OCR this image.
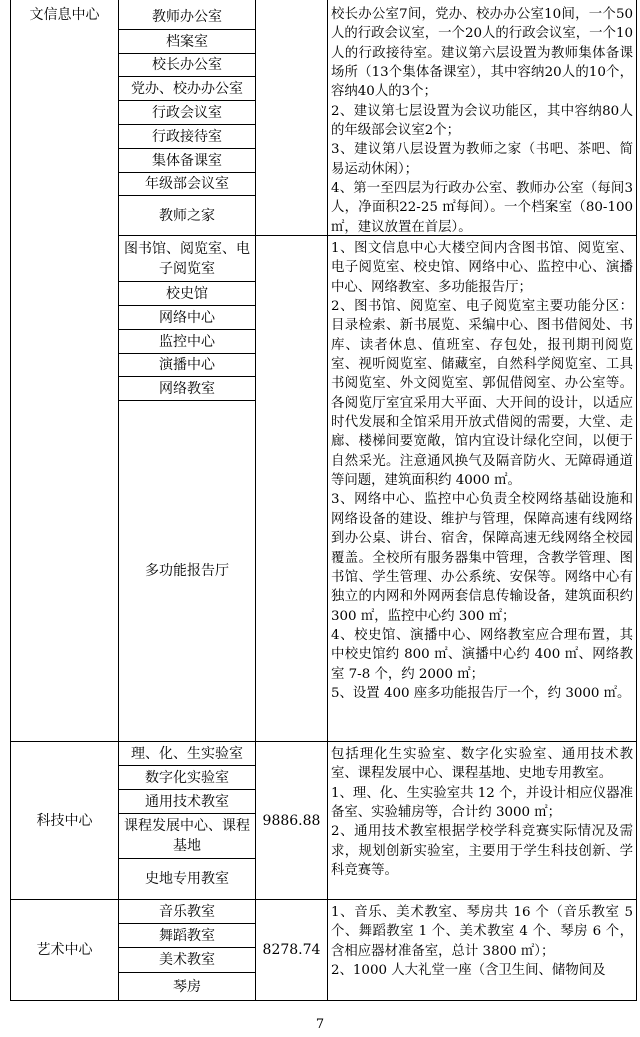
文信息中心
科技中心
艺术中心
9886.88
8278.74
教师办公室
档案室
校长办公室
党办、校办办公室
行政会议室
行政接待室
集体备课室
年级部会议室
教师之家
图书馆、阅览室、电子阅览室
校史馆
网络中心
监控中心
演播中心
网络教室
多功能报告厅
理、化、生实验室
数字化实验室
通用技术教室
课程发展中心、课程基地
史地专用教室
音乐教室
舞蹈教室
美术教室
琴房

校长办公室7间，党办、校办办公室10间，一个50人的行政会议室，一个20人的行政会议室，一个10人的行政接待室。建议第六层设置为教师集体备课场所（13个集体备课室），其中容纳20人的10个，容纳40人的3个；

2、建议第七层设置为会议功能区，其中容纳80人的年级部会议室2个；

3、建议第八层设置为教师之家（书吧、茶吧、简易运动休闲）；

4、第一至四层为行政办公室、教师办公室（每间3人，净面积22-25 ㎡每间）。一个档案室（80-100 ㎡，建议放置在首层）。

1、图文信息中心大楼空间内含图书馆、阅览室、电子阅览室、校史馆、网络中心、监控中心、演播中心、网络教室、多功能报告厅；

2、图书馆、阅览室、电子阅览室主要功能分区：目录检索、新书展览、采编中心、图书借阅处、书库、读者休息、值班室、存包处，报刊期刊阅览室、视听阅览室、储藏室，自然科学阅览室、工具书阅览室、外文阅览室、郭侃借阅室、办公室等。各阅览厅室宜采用大平面、大开间的设计，以适应时代发展和全馆采用开放式借阅的需要，大堂、走廊、楼梯间要宽敞，馆内宜设计绿化空间，以便于自然采光。注意通风换气及隔音防火、无障碍通道等问题，建筑面积约 4000 ㎡。

3、网络中心、监控中心负责全校网络基础设施和网络设备的建设、维护与管理，保障高速有线网络到办公桌、讲台、宿舍，保障高速无线网络全校园覆盖。全校所有服务器集中管理，含教学管理、图书馆、学生管理、办公系统、安保等。网络中心有独立的内网和外网两套信息传输设备，建筑面积约 300 ㎡，监控中心约 300 ㎡；

4、校史馆、演播中心、网络教室应合理布置，其中校史馆约 800 ㎡、演播中心约 400 ㎡、网络教室 7-8 个，约 2000 ㎡；

5、设置 400 座多功能报告厅一个，约 3000 ㎡。

包括理化生实验室、数字化实验室、通用技术教室、课程发展中心、课程基地、史地专用教室。

1、理、化、生实验室共 12 个，并设计相应仪器准备室、实验辅房等，合计约 3000 ㎡；

2、通用技术教室根据学校学科竞赛实际情况及需求，规划创新实验室，主要用于学生科技创新、学科竞赛等。

1、音乐、美术教室、琴房共 16 个（音乐教室 5 个、舞蹈教室 1 个、美术教室 4 个、琴房 6 个，含相应器材准备室，总计 3800 ㎡）；

2、1000 人大礼堂一座（含卫生间、储物间及

7
